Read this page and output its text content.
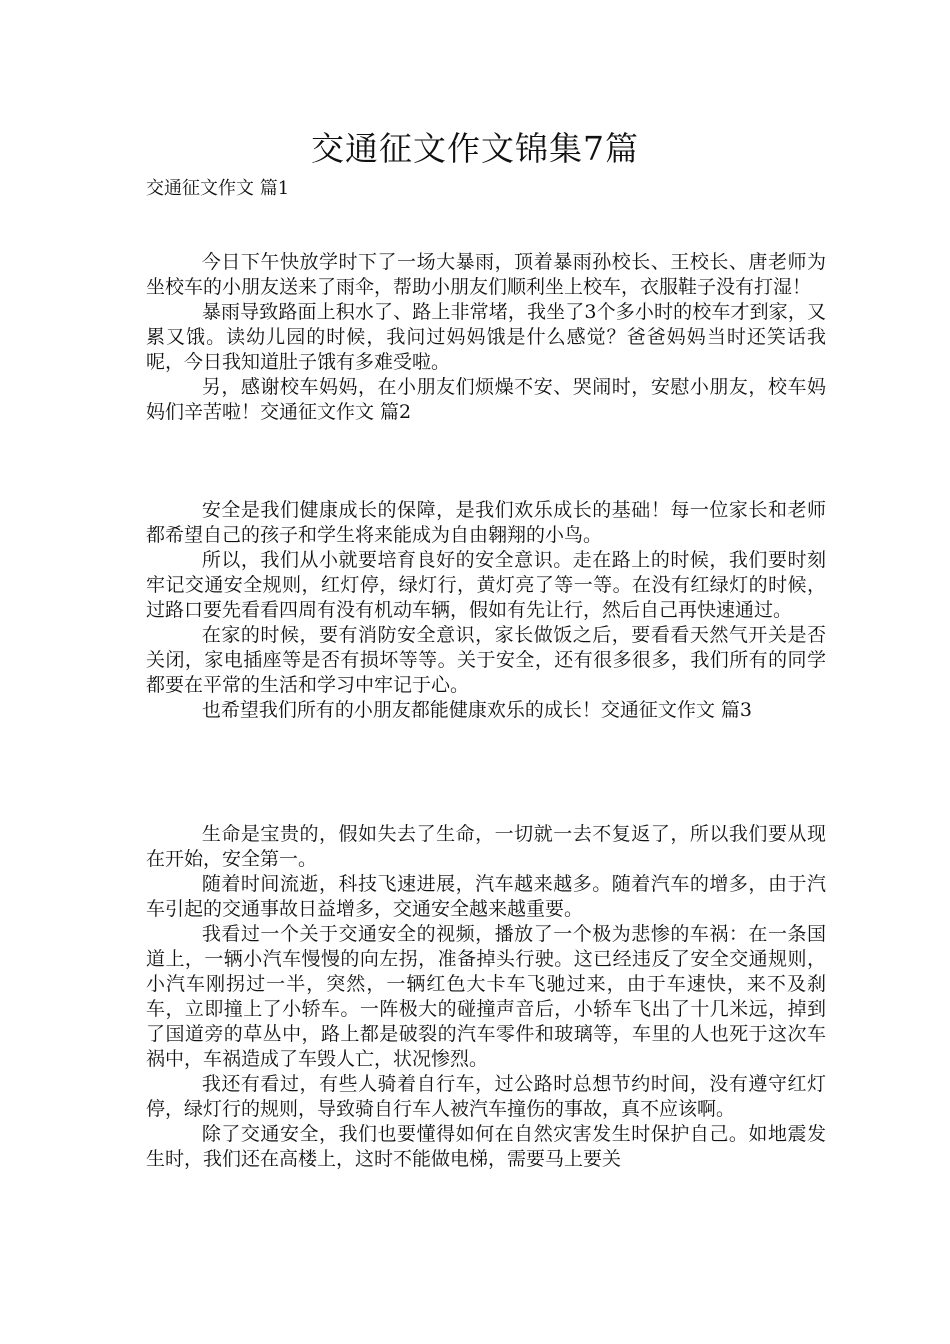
交通征文作文锦集7篇
交通征文作文 篇1

今日下午快放学时下了一场大暴雨，顶着暴雨孙校长、王校长、唐老师为坐校车的小朋友送来了雨伞，帮助小朋友们顺利坐上校车，衣服鞋子没有打湿！

暴雨导致路面上积水了、路上非常堵，我坐了3个多小时的校车才到家，又累又饿。读幼儿园的时候，我问过妈妈饿是什么感觉？爸爸妈妈当时还笑话我呢，今日我知道肚子饿有多难受啦。

另，感谢校车妈妈，在小朋友们烦燥不安、哭闹时，安慰小朋友，校车妈妈们辛苦啦！交通征文作文 篇2

安全是我们健康成长的保障，是我们欢乐成长的基础！每一位家长和老师都希望自己的孩子和学生将来能成为自由翱翔的小鸟。

所以，我们从小就要培育良好的安全意识。走在路上的时候，我们要时刻牢记交通安全规则，红灯停，绿灯行，黄灯亮了等一等。在没有红绿灯的时候，过路口要先看看四周有没有机动车辆，假如有先让行，然后自己再快速通过。

在家的时候，要有消防安全意识，家长做饭之后，要看看天然气开关是否关闭，家电插座等是否有损坏等等。关于安全，还有很多很多，我们所有的同学都要在平常的生活和学习中牢记于心。

也希望我们所有的小朋友都能健康欢乐的成长！交通征文作文 篇3

生命是宝贵的，假如失去了生命，一切就一去不复返了，所以我们要从现在开始，安全第一。

随着时间流逝，科技飞速进展，汽车越来越多。随着汽车的增多，由于汽车引起的交通事故日益增多，交通安全越来越重要。

我看过一个关于交通安全的视频，播放了一个极为悲惨的车祸：在一条国道上，一辆小汽车慢慢的向左拐，准备掉头行驶。这已经违反了安全交通规则，小汽车刚拐过一半，突然，一辆红色大卡车飞驰过来，由于车速快，来不及刹车，立即撞上了小轿车。一阵极大的碰撞声音后，小轿车飞出了十几米远，掉到了国道旁的草丛中，路上都是破裂的汽车零件和玻璃等，车里的人也死于这次车祸中，车祸造成了车毁人亡，状况惨烈。

我还有看过，有些人骑着自行车，过公路时总想节约时间，没有遵守红灯停，绿灯行的规则，导致骑自行车人被汽车撞伤的事故，真不应该啊。

除了交通安全，我们也要懂得如何在自然灾害发生时保护自己。如地震发生时，我们还在高楼上，这时不能做电梯，需要马上要关
